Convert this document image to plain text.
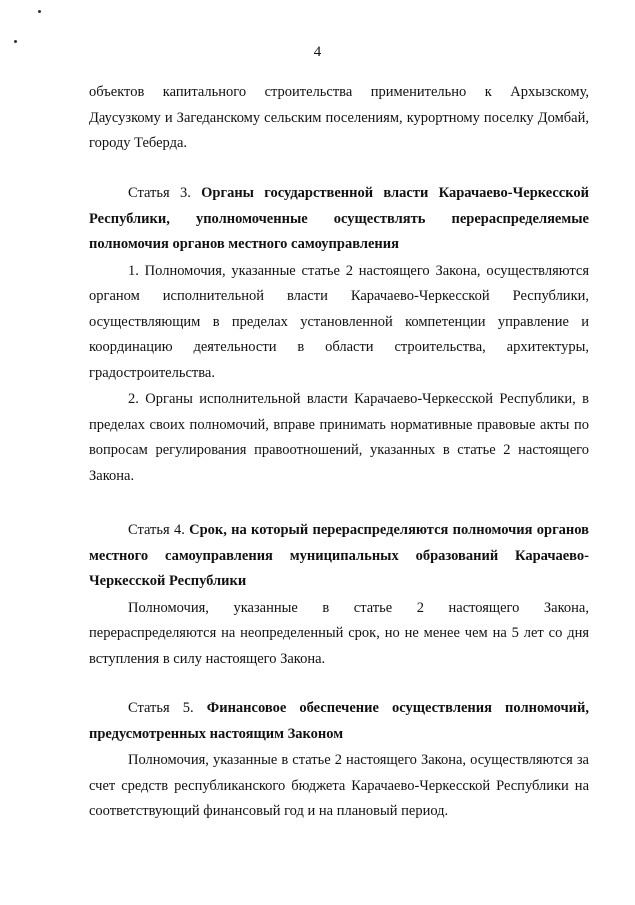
4

объектов капитального строительства применительно к Архызскому, Даусузкому и Загеданскому сельским поселениям, курортному поселку Домбай, городу Теберда.

Статья 3. Органы государственной власти Карачаево-Черкесской Республики, уполномоченные осуществлять перераспределяемые полномочия органов местного самоуправления

1. Полномочия, указанные статье 2 настоящего Закона, осуществляются органом исполнительной власти Карачаево-Черкесской Республики, осуществляющим в пределах установленной компетенции управление и координацию деятельности в области строительства, архитектуры, градостроительства.

2. Органы исполнительной власти Карачаево-Черкесской Республики, в пределах своих полномочий, вправе принимать нормативные правовые акты по вопросам регулирования правоотношений, указанных в статье 2 настоящего Закона.

Статья 4. Срок, на который перераспределяются полномочия органов местного самоуправления муниципальных образований Карачаево-Черкесской Республики

Полномочия, указанные в статье 2 настоящего Закона, перераспределяются на неопределенный срок, но не менее чем на 5 лет со дня вступления в силу настоящего Закона.

Статья 5. Финансовое обеспечение осуществления полномочий, предусмотренных настоящим Законом

Полномочия, указанные в статье 2 настоящего Закона, осуществляются за счет средств республиканского бюджета Карачаево-Черкесской Республики на соответствующий финансовый год и на плановый период.
